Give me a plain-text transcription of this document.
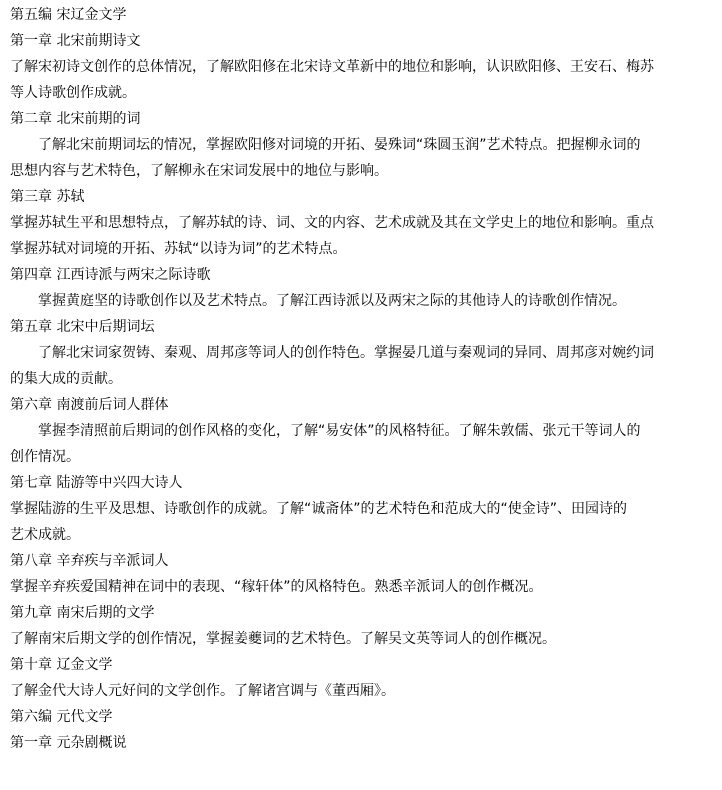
第五编 宋辽金文学
第一章 北宋前期诗文
了解宋初诗文创作的总体情况，了解欧阳修在北宋诗文革新中的地位和影响，认识欧阳修、王安石、梅苏
等人诗歌创作成就。
第二章 北宋前期的词
了解北宋前期词坛的情况，掌握欧阳修对词境的开拓、晏殊词“珠圆玉润”艺术特点。把握柳永词的
思想内容与艺术特色，了解柳永在宋词发展中的地位与影响。
第三章 苏轼
掌握苏轼生平和思想特点，了解苏轼的诗、词、文的内容、艺术成就及其在文学史上的地位和影响。重点
掌握苏轼对词境的开拓、苏轼“以诗为词”的艺术特点。
第四章 江西诗派与两宋之际诗歌
掌握黄庭坚的诗歌创作以及艺术特点。了解江西诗派以及两宋之际的其他诗人的诗歌创作情况。
第五章 北宋中后期词坛
了解北宋词家贺铸、秦观、周邦彦等词人的创作特色。掌握晏几道与秦观词的异同、周邦彦对婉约词
的集大成的贡献。
第六章 南渡前后词人群体
掌握李清照前后期词的创作风格的变化，了解“易安体”的风格特征。了解朱敦儒、张元干等词人的
创作情况。
第七章 陆游等中兴四大诗人
掌握陆游的生平及思想、诗歌创作的成就。了解“诚斋体”的艺术特色和范成大的“使金诗”、田园诗的
艺术成就。
第八章 辛弃疾与辛派词人
掌握辛弃疾爱国精神在词中的表现、“稼轩体”的风格特色。熟悉辛派词人的创作概况。
第九章 南宋后期的文学
了解南宋后期文学的创作情况，掌握姜夔词的艺术特色。了解吴文英等词人的创作概况。
第十章 辽金文学
了解金代大诗人元好问的文学创作。了解诸宫调与《董西厢》。
第六编 元代文学
第一章 元杂剧概说
